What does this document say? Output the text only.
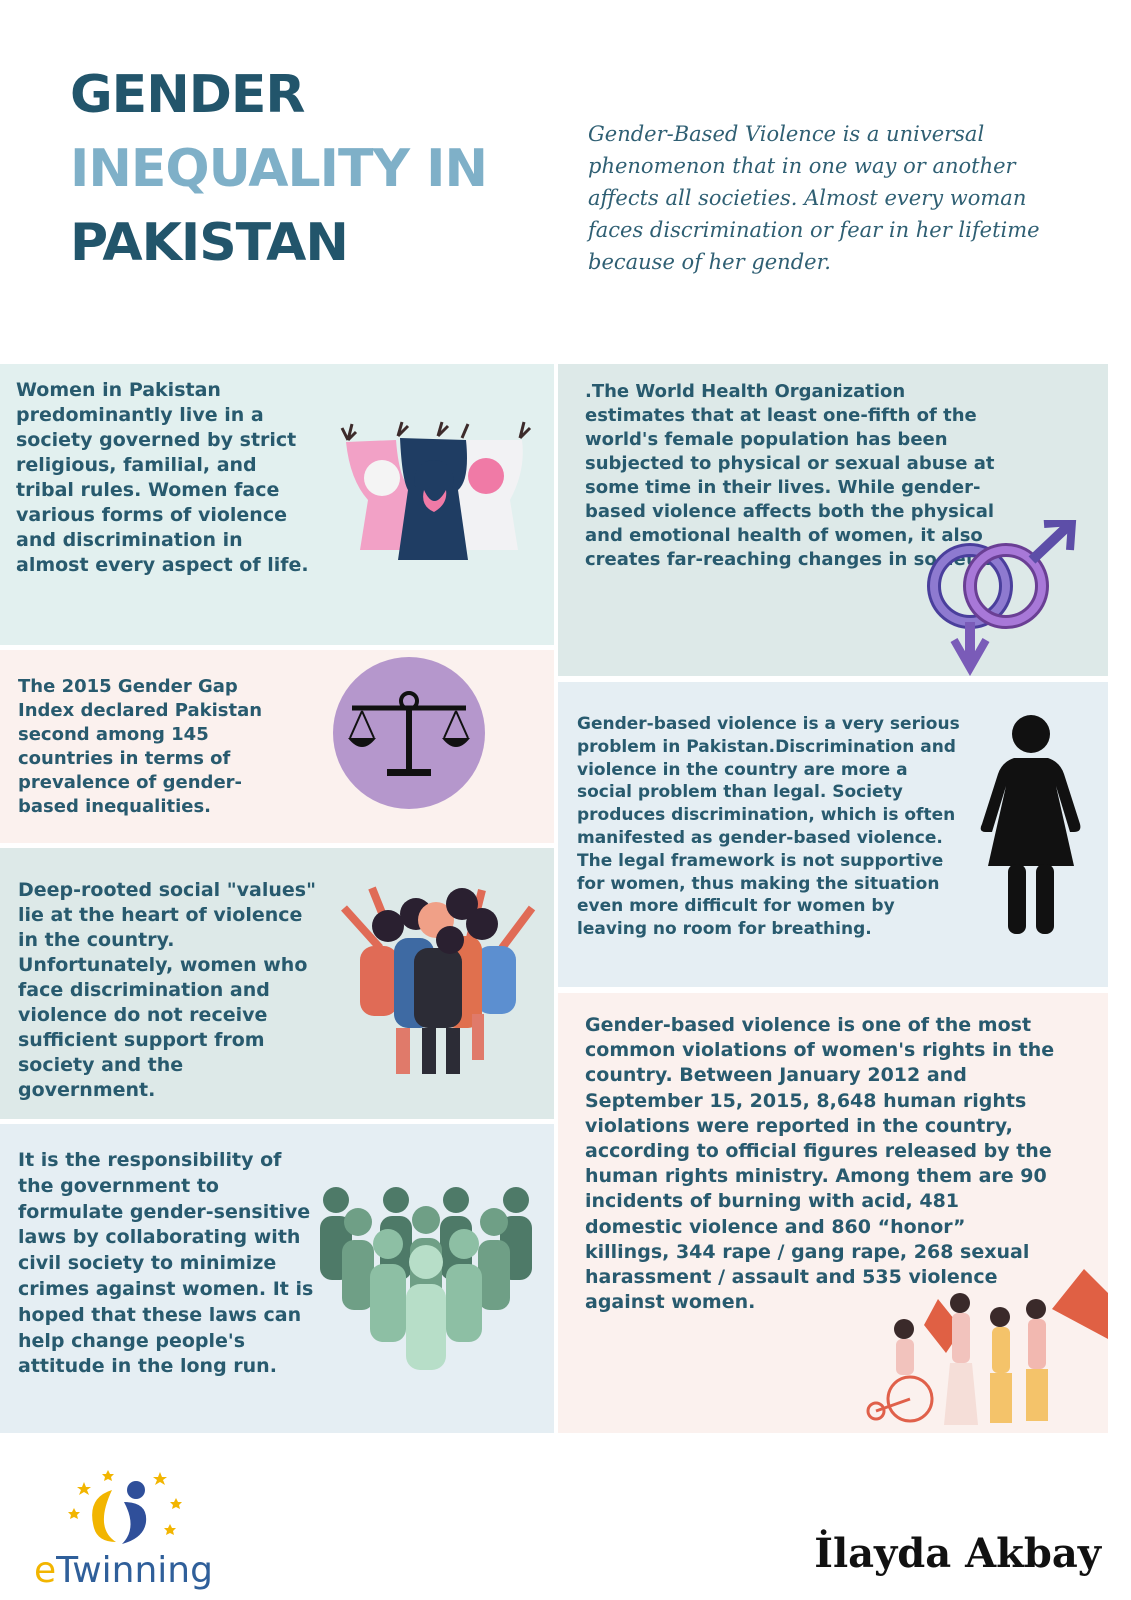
GENDER
INEQUALITY IN
PAKISTAN
Gender-Based Violence is a universal phenomenon that in one way or another affects all societies. Almost every woman faces discrimination or fear in her lifetime because of her gender.
Women in Pakistan predominantly live in a society governed by strict religious, familial, and tribal rules. Women face various forms of violence and discrimination in almost every aspect of life.
The 2015 Gender Gap Index declared Pakistan second among 145 countries in terms of prevalence of gender-based inequalities.
Deep-rooted social "values" lie at the heart of violence in the country. Unfortunately, women who face discrimination and violence do not receive sufficient support from society and the government.
It is the responsibility of the government to formulate gender-sensitive laws by collaborating with civil society to minimize crimes against women. It is hoped that these laws can help change people's attitude in the long run.
.The World Health Organization estimates that at least one-fifth of the world's female population has been subjected to physical or sexual abuse at some time in their lives. While gender-based violence affects both the physical and emotional health of women, it also creates far-reaching changes in society.
Gender-based violence is a very serious problem in Pakistan.Discrimination and violence in the country are more a social problem than legal. Society produces discrimination, which is often manifested as gender-based violence. The legal framework is not supportive for women, thus making the situation even more difficult for women by leaving no room for breathing.
Gender-based violence is one of the most common violations of women's rights in the country. Between January 2012 and September 15, 2015, 8,648 human rights violations were reported in the country, according to official figures released by the human rights ministry. Among them are 90 incidents of burning with acid, 481 domestic violence and 860 “honor” killings, 344 rape / gang rape, 268 sexual harassment / assault and 535 violence against women.
eTwinning	İlayda Akbay
